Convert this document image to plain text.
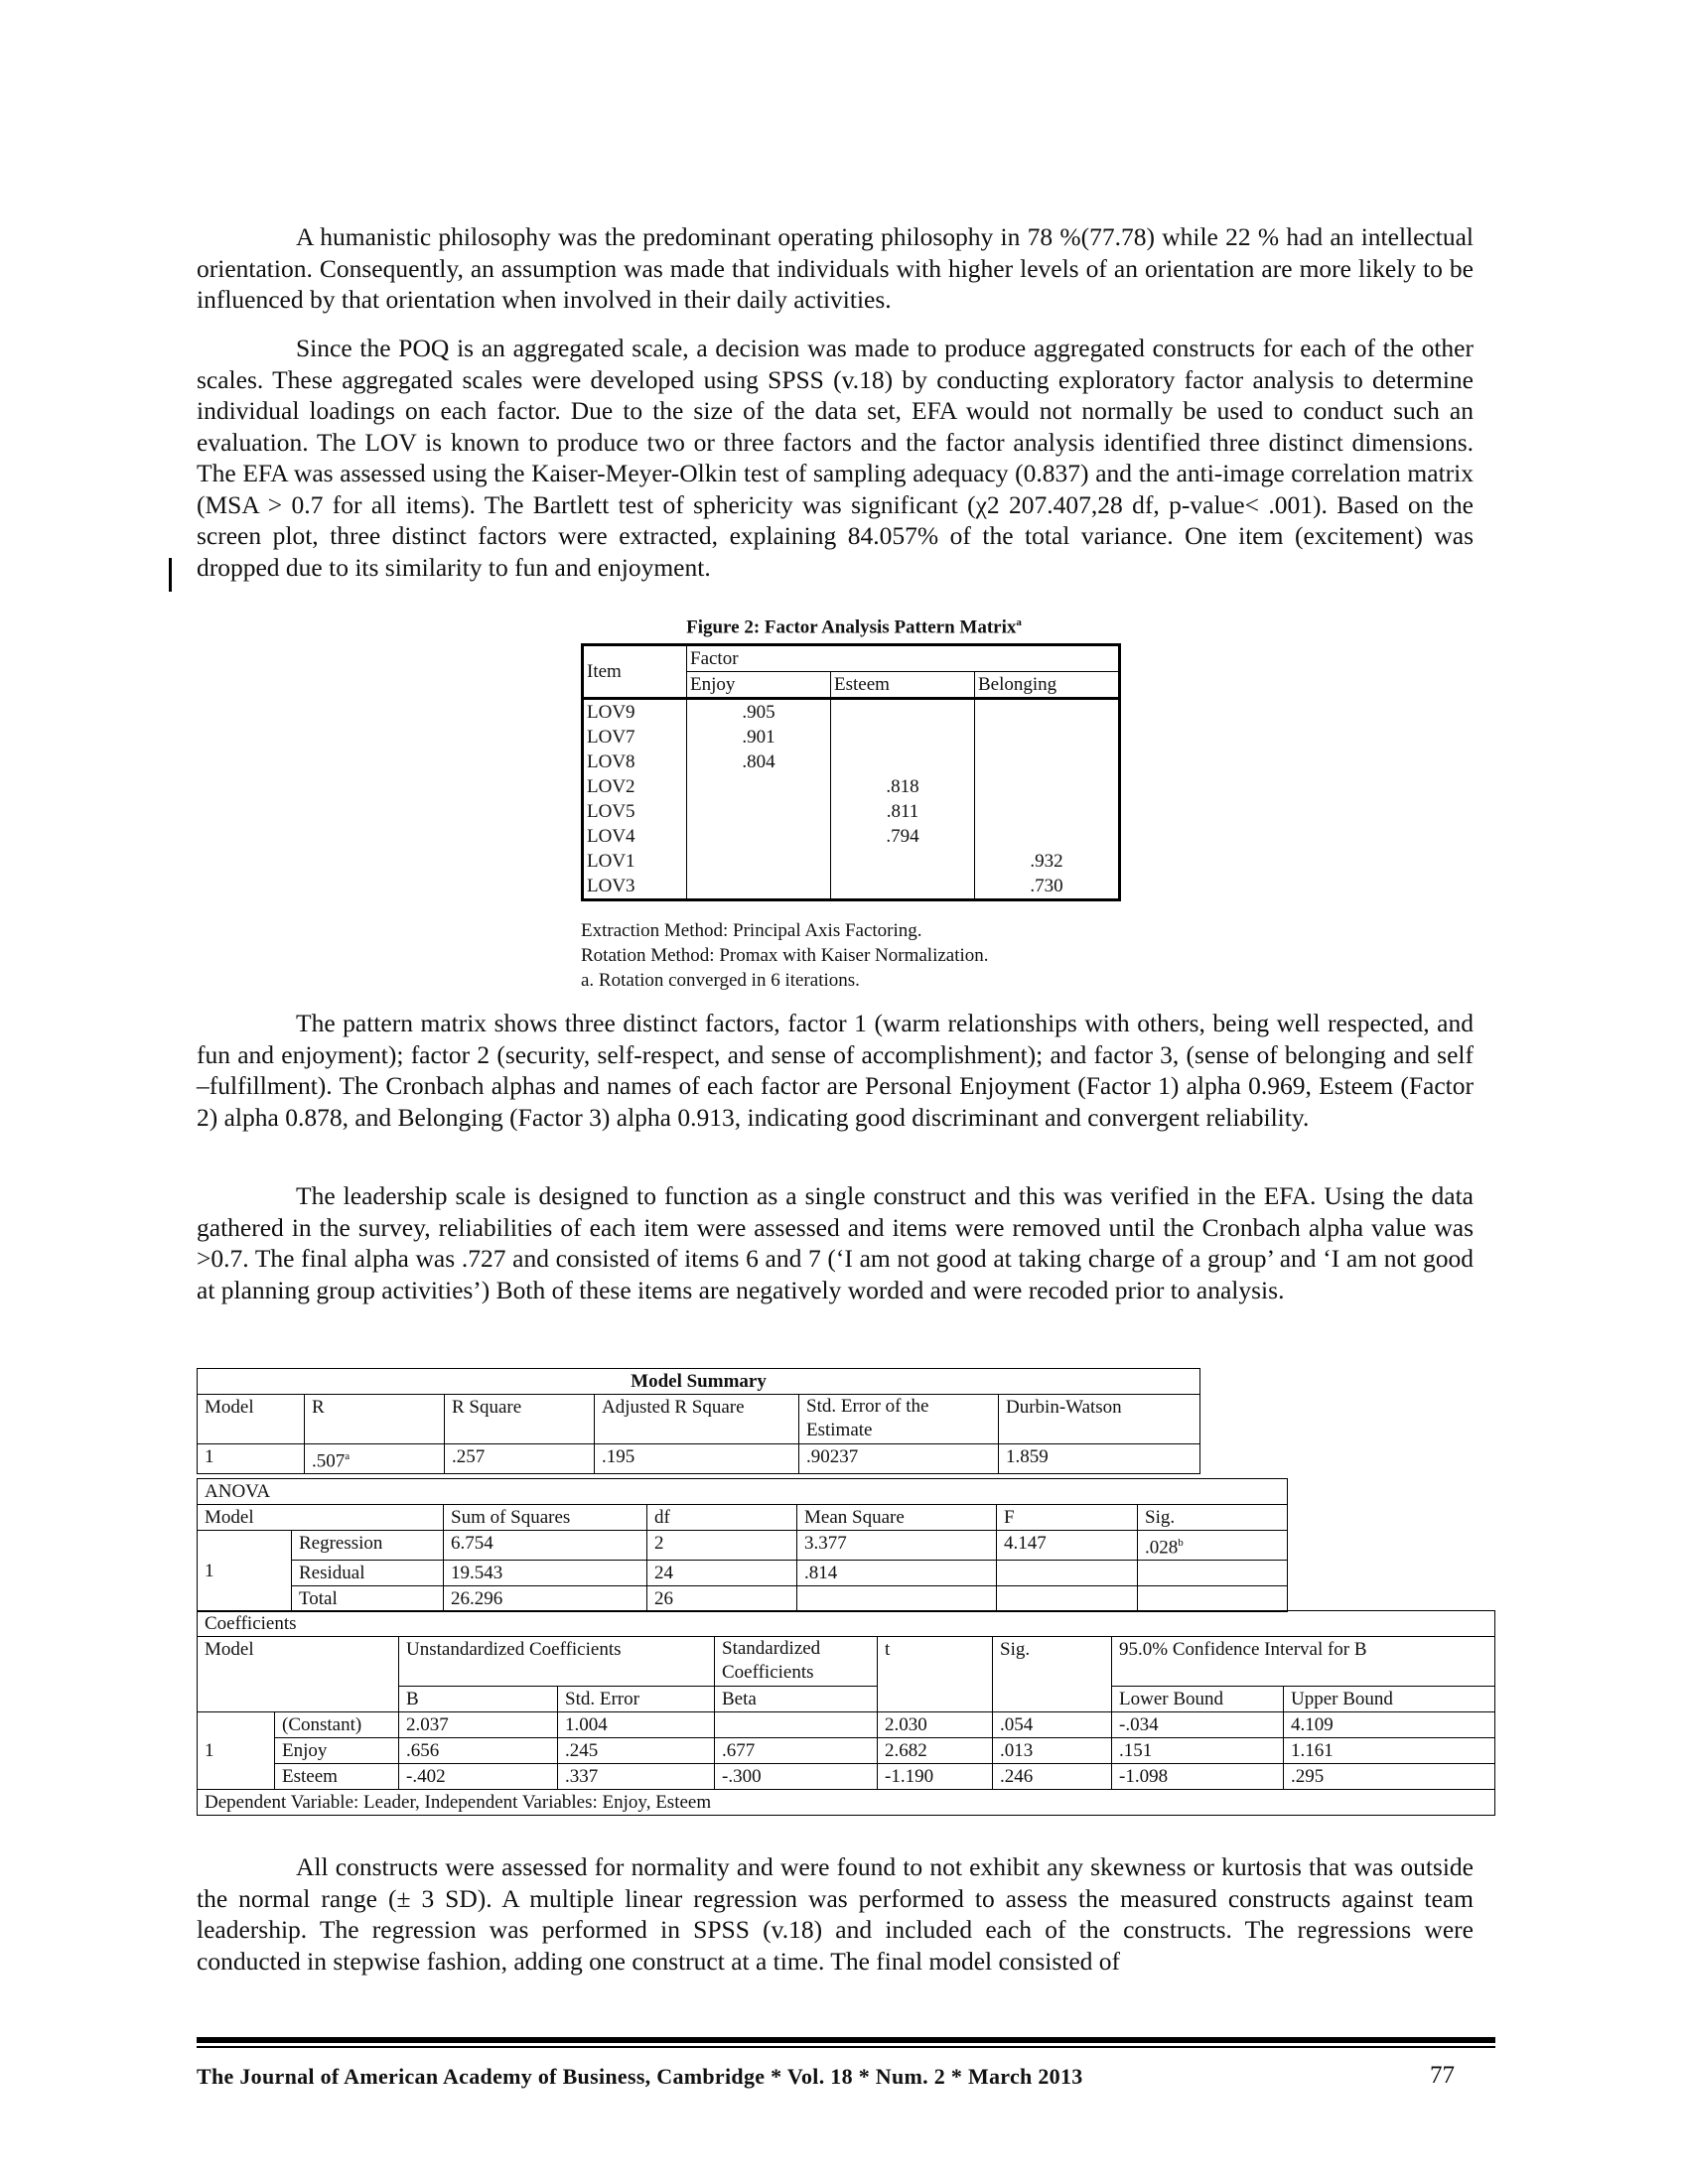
A humanistic philosophy was the predominant operating philosophy in 78 %(77.78) while 22 % had an intellectual orientation. Consequently, an assumption was made that individuals with higher levels of an orientation are more likely to be influenced by that orientation when involved in their daily activities.

Since the POQ is an aggregated scale, a decision was made to produce aggregated constructs for each of the other scales. These aggregated scales were developed using SPSS (v.18) by conducting exploratory factor analysis to determine individual loadings on each factor. Due to the size of the data set, EFA would not normally be used to conduct such an evaluation. The LOV is known to produce two or three factors and the factor analysis identified three distinct dimensions. The EFA was assessed using the Kaiser-Meyer-Olkin test of sampling adequacy (0.837) and the anti-image correlation matrix (MSA > 0.7 for all items). The Bartlett test of sphericity was significant (χ2 207.407,28 df, p-value< .001). Based on the screen plot, three distinct factors were extracted, explaining 84.057% of the total variance. One item (excitement) was dropped due to its similarity to fun and enjoyment.

Figure 2: Factor Analysis Pattern Matrix$^a$
Item	Factor		
	Enjoy	Esteem	Belonging
LOV9	.905		
LOV7	.901		
LOV8	.804		
LOV2		.818	
LOV5		.811	
LOV4		.794	
LOV1			.932
LOV3			.730
Extraction Method: Principal Axis Factoring.
Rotation Method: Promax with Kaiser Normalization.
a. Rotation converged in 6 iterations.

The pattern matrix shows three distinct factors, factor 1 (warm relationships with others, being well respected, and fun and enjoyment); factor 2 (security, self-respect, and sense of accomplishment); and factor 3, (sense of belonging and self –fulfillment). The Cronbach alphas and names of each factor are Personal Enjoyment (Factor 1) alpha 0.969, Esteem (Factor 2) alpha 0.878, and Belonging (Factor 3) alpha 0.913, indicating good discriminant and convergent reliability.

The leadership scale is designed to function as a single construct and this was verified in the EFA. Using the data gathered in the survey, reliabilities of each item were assessed and items were removed until the Cronbach alpha value was >0.7. The final alpha was .727 and consisted of items 6 and 7 (‘I am not good at taking charge of a group’ and ‘I am not good at planning group activities’) Both of these items are negatively worded and were recoded prior to analysis.

Model Summary					
Model	R	R Square	Adjusted R Square	Std. Error of the Estimate	Durbin-Watson
1	.507$^a$	.257	.195	.90237	1.859
ANOVA						
Model		Sum of Squares	df	Mean Square	F	Sig.
1	Regression	6.754	2	3.377	4.147	.028$^b$
	Residual	19.543	24	.814		
	Total	26.296	26			
Coefficients								
Model		Unstandardized Coefficients		Standardized Coefficients	t	Sig.	95.0% Confidence Interval for B	
		B	Std. Error	Beta			Lower Bound	Upper Bound
1	(Constant)	2.037	1.004		2.030	.054	-.034	4.109
	Enjoy	.656	.245	.677	2.682	.013	.151	1.161
	Esteem	-.402	.337	-.300	-1.190	.246	-1.098	.295
Dependent Variable: Leader, Independent Variables: Enjoy, Esteem								

All constructs were assessed for normality and were found to not exhibit any skewness or kurtosis that was outside the normal range (± 3 SD). A multiple linear regression was performed to assess the measured constructs against team leadership. The regression was performed in SPSS (v.18) and included each of the constructs. The regressions were conducted in stepwise fashion, adding one construct at a time. The final model consisted of

The Journal of American Academy of Business, Cambridge * Vol. 18 * Num. 2 * March 2013	77
